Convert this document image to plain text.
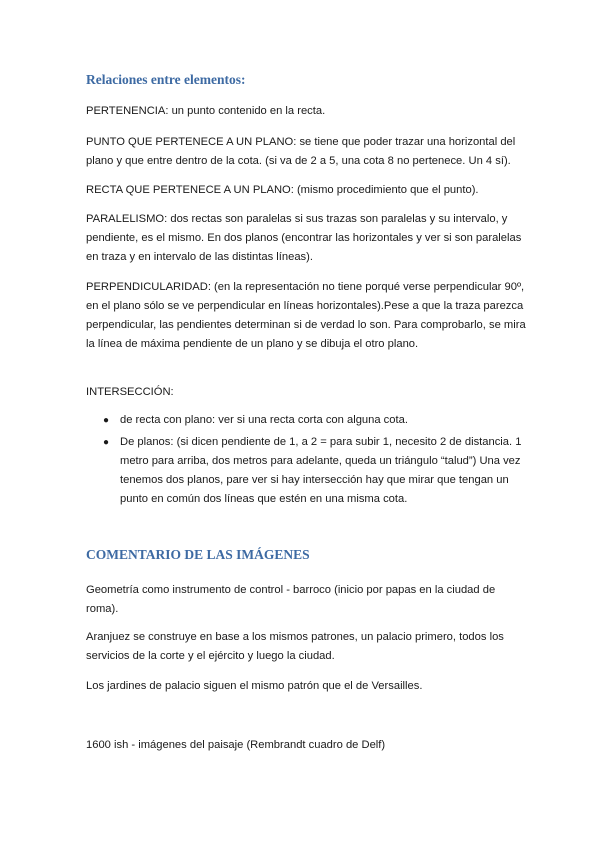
Relaciones entre elementos:

PERTENENCIA: un punto contenido en la recta.

PUNTO QUE PERTENECE A UN PLANO: se tiene que poder trazar una horizontal del plano y que entre dentro de la cota. (si va de 2 a 5, una cota 8 no pertenece. Un 4 sí).

RECTA QUE PERTENECE A UN PLANO: (mismo procedimiento que el punto).

PARALELISMO: dos rectas son paralelas si sus trazas son paralelas y su intervalo, y pendiente, es el mismo. En dos planos (encontrar las horizontales y ver si son paralelas en traza y en intervalo de las distintas líneas).

PERPENDICULARIDAD: (en la representación no tiene porqué verse perpendicular 90º, en el plano sólo se ve perpendicular en líneas horizontales).Pese a que la traza parezca perpendicular, las pendientes determinan si de verdad lo son. Para comprobarlo, se mira la línea de máxima pendiente de un plano y se dibuja el otro plano.

INTERSECCIÓN:

● de recta con plano: ver si una recta corta con alguna cota.
● De planos: (si dicen pendiente de 1, a 2 = para subir 1, necesito 2 de distancia. 1 metro para arriba, dos metros para adelante, queda un triángulo “talud”) Una vez tenemos dos planos, pare ver si hay intersección hay que mirar que tengan un punto en común dos líneas que estén en una misma cota.
COMENTARIO DE LAS IMÁGENES

Geometría como instrumento de control - barroco (inicio por papas en la ciudad de roma).

Aranjuez se construye en base a los mismos patrones, un palacio primero, todos los servicios de la corte y el ejército y luego la ciudad.

Los jardines de palacio siguen el mismo patrón que el de Versailles.

1600 ish - imágenes del paisaje (Rembrandt cuadro de Delf)
